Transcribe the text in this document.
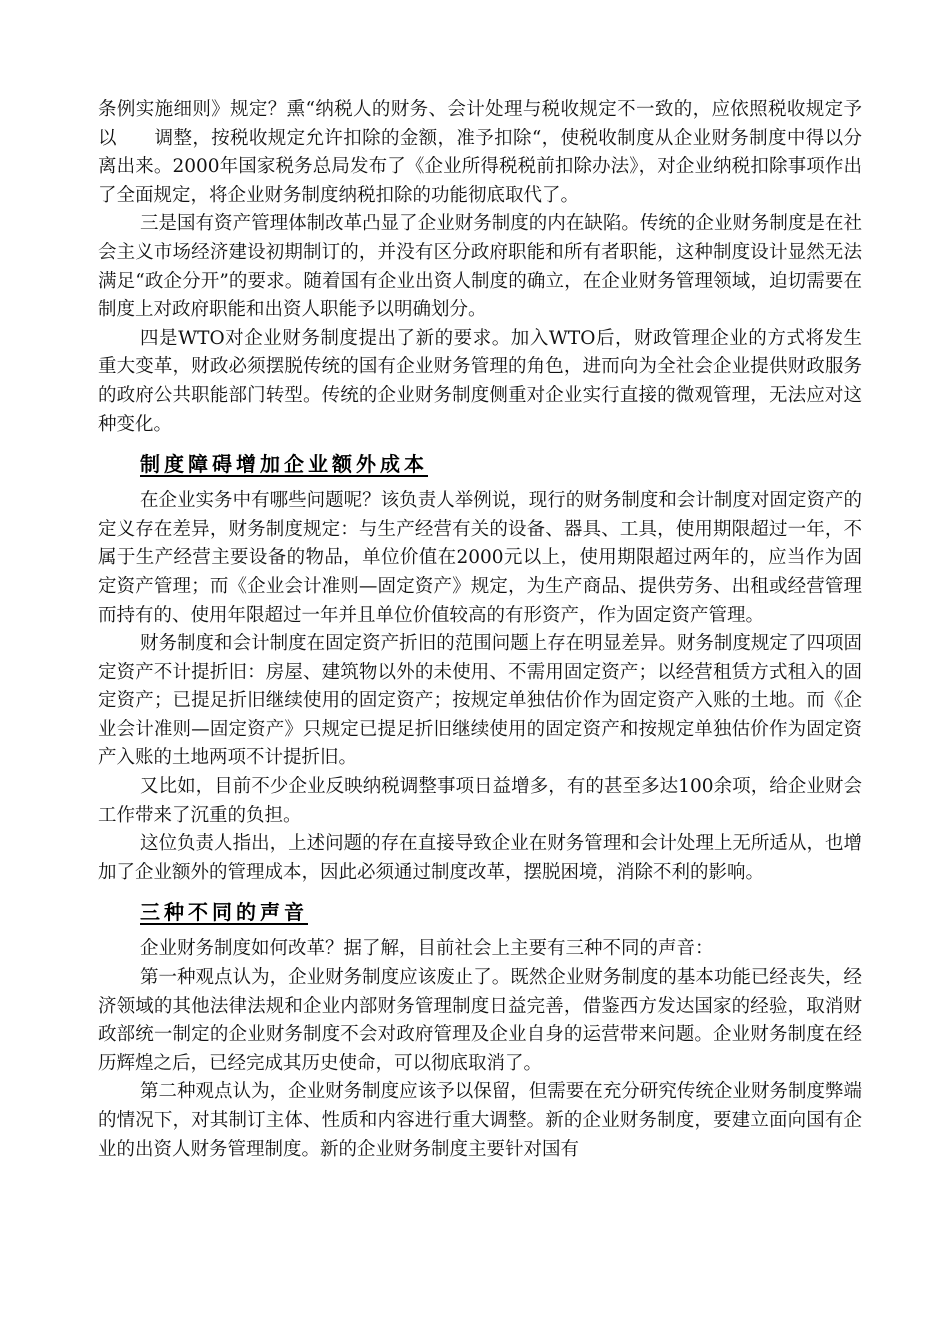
条例实施细则》规定？熏“纳税人的财务、会计处理与税收规定不一致的，应依照税收规定予以　　调整，按税收规定允许扣除的金额，准予扣除“，使税收制度从企业财务制度中得以分离出来。2000年国家税务总局发布了《企业所得税税前扣除办法》，对企业纳税扣除事项作出了全面规定，将企业财务制度纳税扣除的功能彻底取代了。

三是国有资产管理体制改革凸显了企业财务制度的内在缺陷。传统的企业财务制度是在社会主义市场经济建设初期制订的，并没有区分政府职能和所有者职能，这种制度设计显然无法满足“政企分开”的要求。随着国有企业出资人制度的确立，在企业财务管理领域，迫切需要在制度上对政府职能和出资人职能予以明确划分。

四是WTO对企业财务制度提出了新的要求。加入WTO后，财政管理企业的方式将发生重大变革，财政必须摆脱传统的国有企业财务管理的角色，进而向为全社会企业提供财政服务的政府公共职能部门转型。传统的企业财务制度侧重对企业实行直接的微观管理，无法应对这种变化。

制度障碍增加企业额外成本

在企业实务中有哪些问题呢？该负责人举例说，现行的财务制度和会计制度对固定资产的定义存在差异，财务制度规定：与生产经营有关的设备、器具、工具，使用期限超过一年，不属于生产经营主要设备的物品，单位价值在2000元以上，使用期限超过两年的，应当作为固定资产管理；而《企业会计准则—固定资产》规定，为生产商品、提供劳务、出租或经营管理而持有的、使用年限超过一年并且单位价值较高的有形资产，作为固定资产管理。

财务制度和会计制度在固定资产折旧的范围问题上存在明显差异。财务制度规定了四项固定资产不计提折旧：房屋、建筑物以外的未使用、不需用固定资产；以经营租赁方式租入的固定资产；已提足折旧继续使用的固定资产；按规定单独估价作为固定资产入账的土地。而《企业会计准则—固定资产》只规定已提足折旧继续使用的固定资产和按规定单独估价作为固定资产入账的土地两项不计提折旧。

又比如，目前不少企业反映纳税调整事项日益增多，有的甚至多达100余项，给企业财会工作带来了沉重的负担。

这位负责人指出，上述问题的存在直接导致企业在财务管理和会计处理上无所适从，也增加了企业额外的管理成本，因此必须通过制度改革，摆脱困境，消除不利的影响。

三种不同的声音

企业财务制度如何改革？据了解，目前社会上主要有三种不同的声音：

第一种观点认为，企业财务制度应该废止了。既然企业财务制度的基本功能已经丧失，经济领域的其他法律法规和企业内部财务管理制度日益完善，借鉴西方发达国家的经验，取消财政部统一制定的企业财务制度不会对政府管理及企业自身的运营带来问题。企业财务制度在经历辉煌之后，已经完成其历史使命，可以彻底取消了。

第二种观点认为，企业财务制度应该予以保留，但需要在充分研究传统企业财务制度弊端的情况下，对其制订主体、性质和内容进行重大调整。新的企业财务制度，要建立面向国有企业的出资人财务管理制度。新的企业财务制度主要针对国有
